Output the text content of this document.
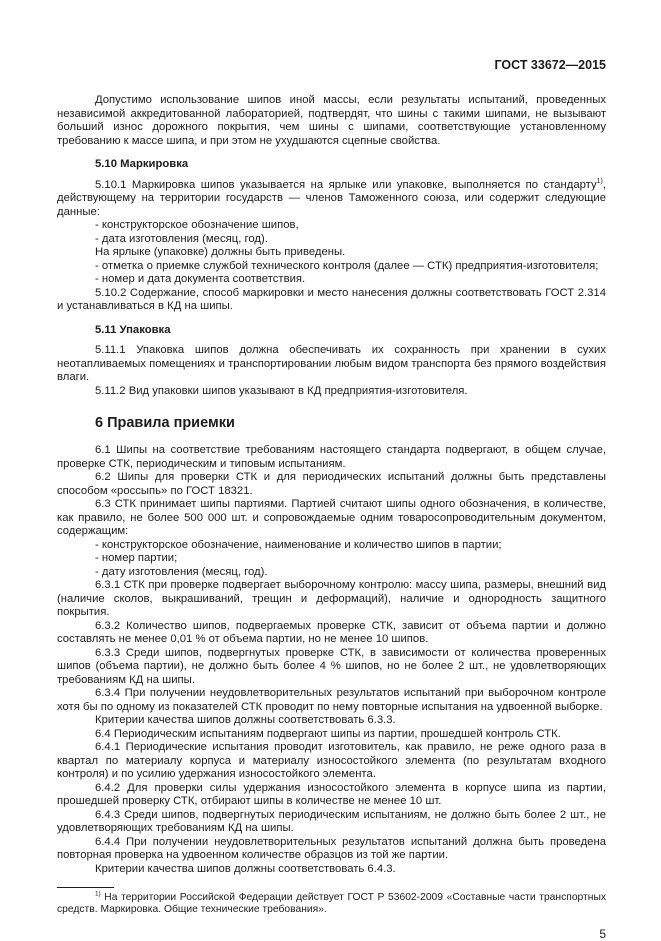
ГОСТ 33672—2015

Допустимо использование шипов иной массы, если результаты испытаний, проведенных независимой аккредитованной лабораторией, подтвердят, что шины с такими шипами, не вызывают больший износ дорожного покрытия, чем шины с шипами, соответствующие установленному требованию к массе шипа, и при этом не ухудшаются сцепные свойства.

5.10 Маркировка

5.10.1 Маркировка шипов указывается на ярлыке или упаковке, выполняется по стандарту$^{1)}$, действующему на территории государств — членов Таможенного союза, или содержит следующие данные:

- конструкторское обозначение шипов,

- дата изготовления (месяц, год).

На ярлыке (упаковке) должны быть приведены.

- отметка о приемке службой технического контроля (далее — СТК) предприятия-изготовителя;

- номер и дата документа соответствия.

5.10.2 Содержание, способ маркировки и место нанесения должны соответствовать ГОСТ 2.314 и устанавливаться в КД на шипы.

5.11 Упаковка

5.11.1 Упаковка шипов должна обеспечивать их сохранность при хранении в сухих неотапливаемых помещениях и транспортировании любым видом транспорта без прямого воздействия влаги.

5.11.2 Вид упаковки шипов указывают в КД предприятия-изготовителя.

6 Правила приемки

6.1 Шипы на соответствие требованиям настоящего стандарта подвергают, в общем случае, проверке СТК, периодическим и типовым испытаниям.

6.2 Шипы для проверки СТК и для периодических испытаний должны быть представлены способом «россыпь» по ГОСТ 18321.

6.3 СТК принимает шипы партиями. Партией считают шипы одного обозначения, в количестве, как правило, не более 500 000 шт. и сопровождаемые одним товаросопроводительным документом, содержащим:

- конструкторское обозначение, наименование и количество шипов в партии;

- номер партии;

- дату изготовления (месяц, год).

6.3.1 СТК при проверке подвергает выборочному контролю: массу шипа, размеры, внешний вид (наличие сколов, выкрашиваний, трещин и деформаций), наличие и однородность защитного покрытия.

6.3.2 Количество шипов, подвергаемых проверке СТК, зависит от объема партии и должно составлять не менее 0,01 % от объема партии, но не менее 10 шипов.

6.3.3 Среди шипов, подвергнутых проверке СТК, в зависимости от количества проверенных шипов (объема партии), не должно быть более 4 % шипов, но не более 2 шт., не удовлетворяющих требованиям КД на шипы.

6.3.4 При получении неудовлетворительных результатов испытаний при выборочном контроле хотя бы по одному из показателей СТК проводит по нему повторные испытания на удвоенной выборке.

Критерии качества шипов должны соответствовать 6.3.3.

6.4 Периодическим испытаниям подвергают шипы из партии, прошедшей контроль СТК.

6.4.1 Периодические испытания проводит изготовитель, как правило, не реже одного раза в квартал по материалу корпуса и материалу износостойкого элемента (по результатам входного контроля) и по усилию удержания износостойкого элемента.

6.4.2 Для проверки силы удержания износостойкого элемента в корпусе шипа из партии, прошедшей проверку СТК, отбирают шипы в количестве не менее 10 шт.

6.4.3 Среди шипов, подвергнутых периодическим испытаниям, не должно быть более 2 шт., не удовлетворяющих требованиям КД на шипы.

6.4.4 При получении неудовлетворительных результатов испытаний должна быть проведена повторная проверка на удвоенном количестве образцов из той же партии.

Критерии качества шипов должны соответствовать 6.4.3.

$^{1)}$ На территории Российской Федерации действует ГОСТ Р 53602-2009 «Составные части транспортных средств. Маркировка. Общие технические требования».

5
